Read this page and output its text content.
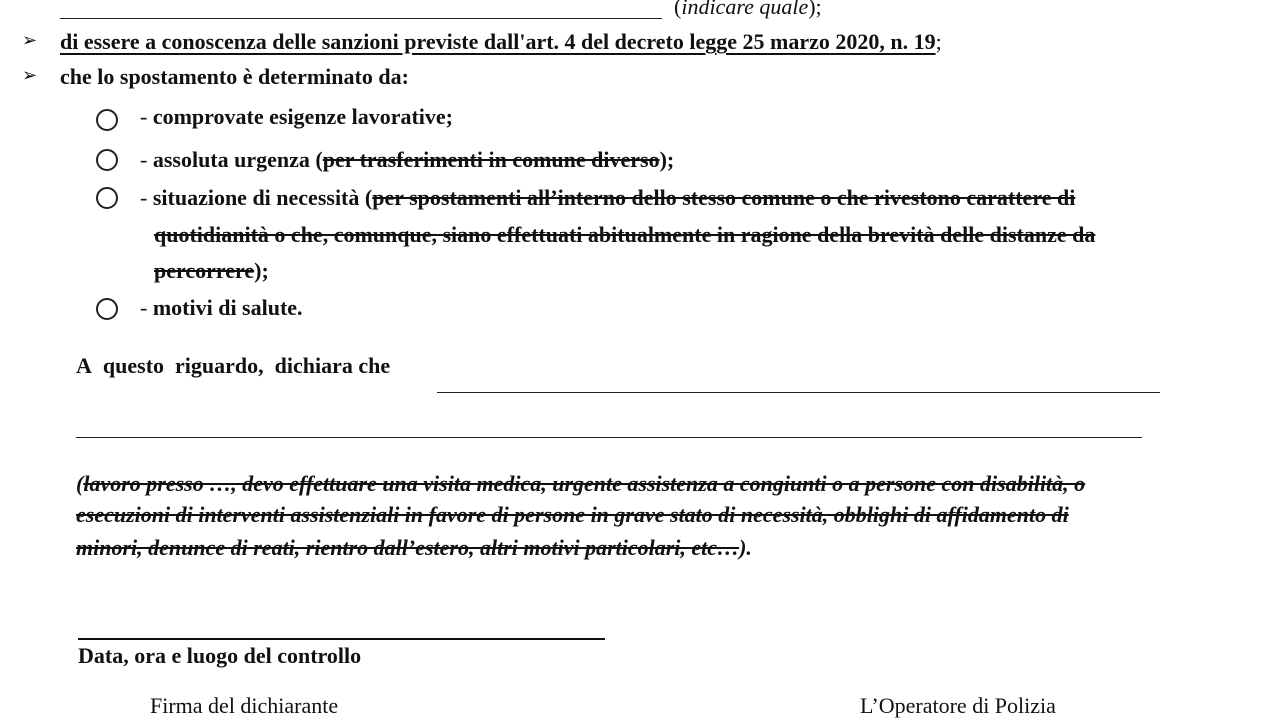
(indicare quale);
➢ di essere a conoscenza delle sanzioni previste dall'art. 4 del decreto legge 25 marzo 2020, n. 19;
➢ che lo spostamento è determinato da:
- comprovate esigenze lavorative;
- assoluta urgenza (per trasferimenti in comune diverso);
- situazione di necessità (per spostamenti all’interno dello stesso comune o che rivestono carattere di
quotidianità o che, comunque, siano effettuati abitualmente in ragione della brevità delle distanze da
percorrere);
- motivi di salute.
A questo riguardo, dichiara che
(lavoro presso …, devo effettuare una visita medica, urgente assistenza a congiunti o a persone con disabilità, o
esecuzioni di interventi assistenziali in favore di persone in grave stato di necessità, obblighi di affidamento di
minori, denunce di reati, rientro dall’estero, altri motivi particolari, etc…).
Data, ora e luogo del controllo
Firma del dichiarante	L’Operatore di Polizia
